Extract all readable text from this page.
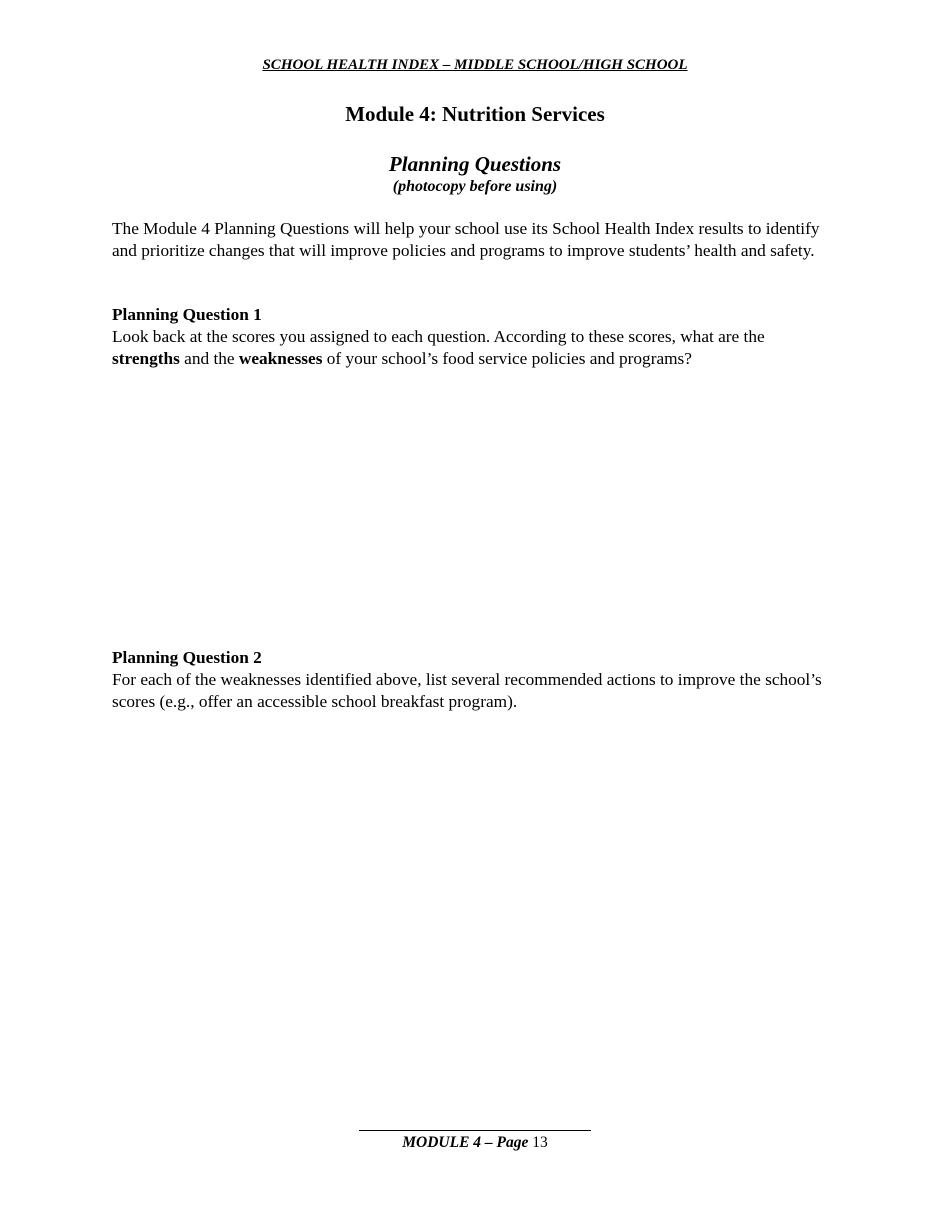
SCHOOL HEALTH INDEX – MIDDLE SCHOOL/HIGH SCHOOL
Module 4: Nutrition Services
Planning Questions
(photocopy before using)
The Module 4 Planning Questions will help your school use its School Health Index results to identify and prioritize changes that will improve policies and programs to improve students’ health and safety.

Planning Question 1

Look back at the scores you assigned to each question. According to these scores, what are the strengths and the weaknesses of your school’s food service policies and programs?

Planning Question 2

For each of the weaknesses identified above, list several recommended actions to improve the school’s scores (e.g., offer an accessible school breakfast program).

MODULE 4 – Page 13
